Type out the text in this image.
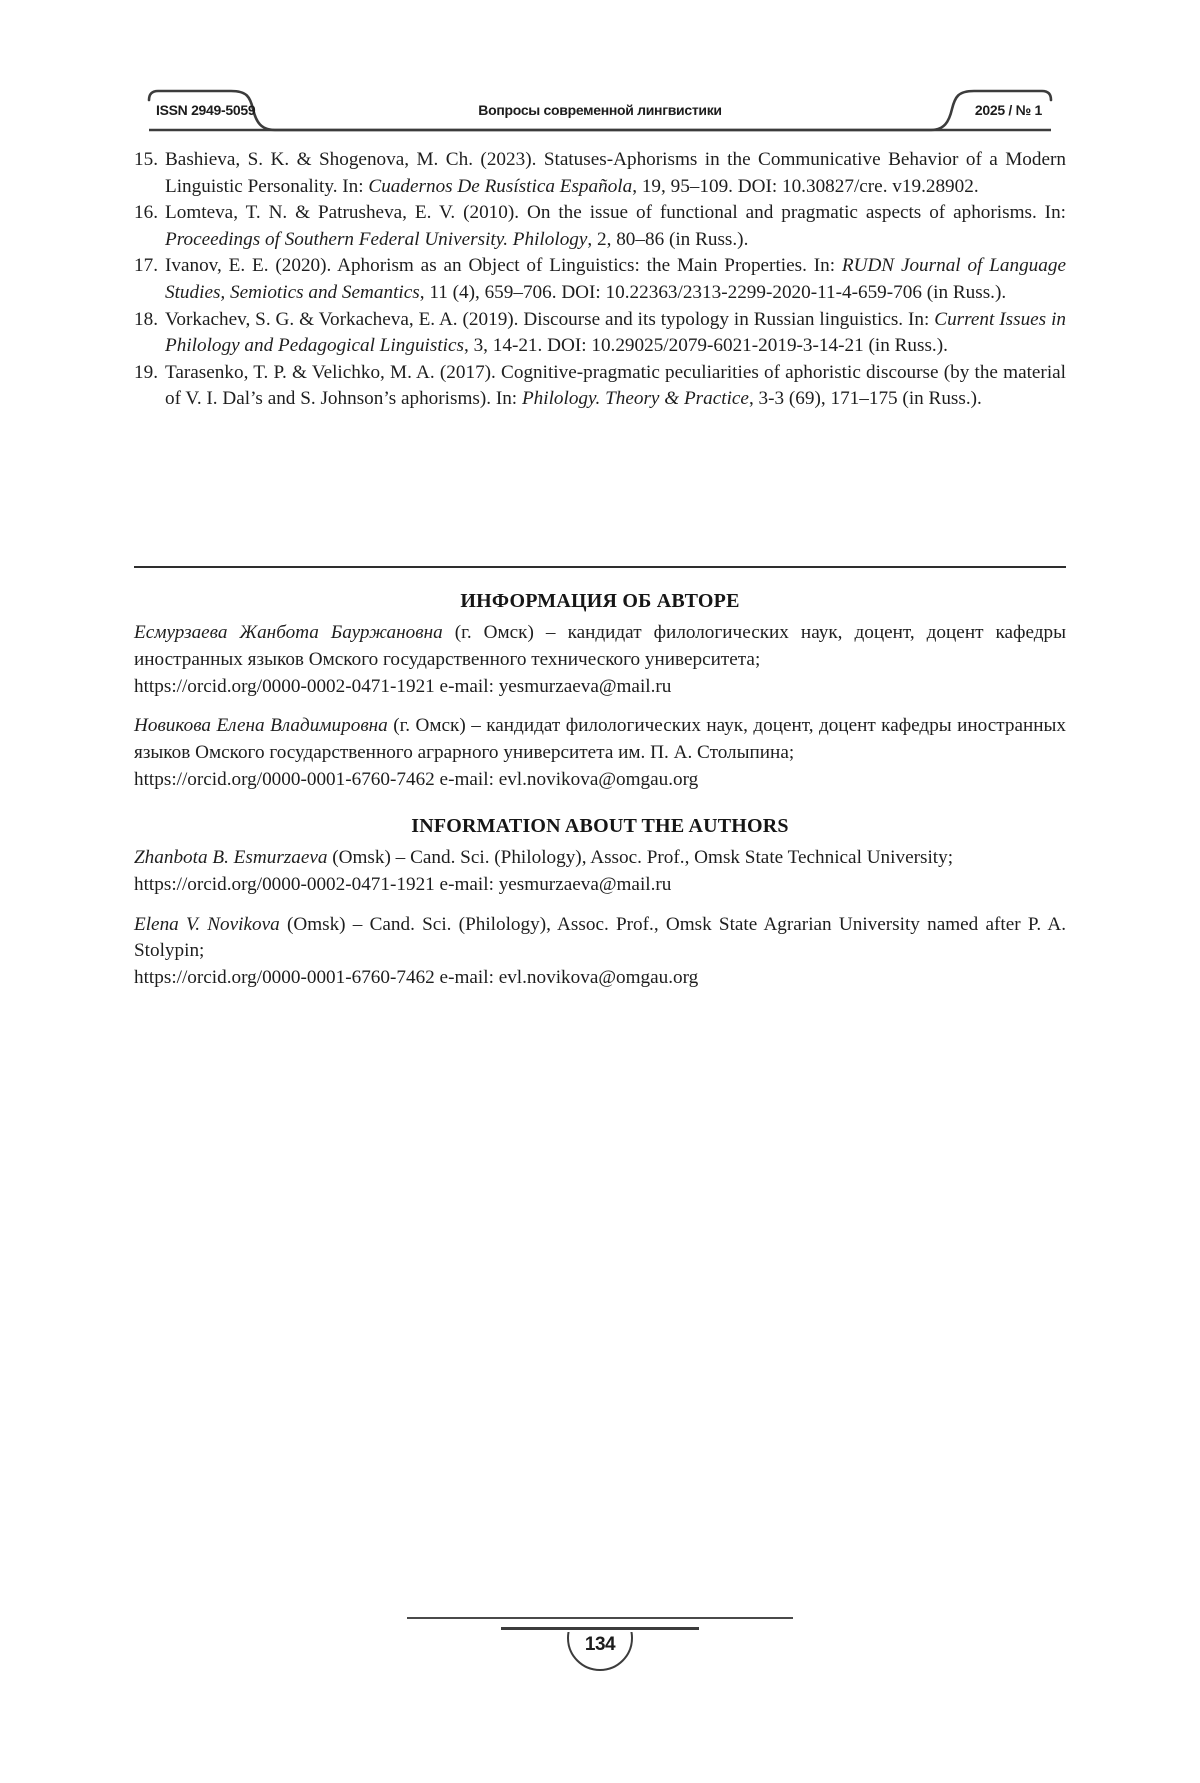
ISSN 2949-5059	Вопросы современной лингвистики	2025 / № 1
15. Bashieva, S. K. & Shogenova, M. Ch. (2023). Statuses-Aphorisms in the Communicative Behavior of a Modern Linguistic Personality. In: Cuadernos De Rusística Española, 19, 95–109. DOI: 10.30827/cre. v19.28902.
16. Lomteva, T. N. & Patrusheva, E. V. (2010). On the issue of functional and pragmatic aspects of aphorisms. In: Proceedings of Southern Federal University. Philology, 2, 80–86 (in Russ.).
17. Ivanov, E. E. (2020). Aphorism as an Object of Linguistics: the Main Properties. In: RUDN Journal of Language Studies, Semiotics and Semantics, 11 (4), 659–706. DOI: 10.22363/2313-2299-2020-11-4-659-706 (in Russ.).
18. Vorkachev, S. G. & Vorkacheva, E. A. (2019). Discourse and its typology in Russian linguistics. In: Current Issues in Philology and Pedagogical Linguistics, 3, 14-21. DOI: 10.29025/2079-6021-2019-3-14-21 (in Russ.).
19. Tarasenko, T. P. & Velichko, M. A. (2017). Cognitive-pragmatic peculiarities of aphoristic discourse (by the material of V. I. Dal’s and S. Johnson’s aphorisms). In: Philology. Theory & Practice, 3-3 (69), 171–175 (in Russ.).
ИНФОРМАЦИЯ ОБ АВТОРЕ

Есмурзаева Жанбота Бауржановна (г. Омск) – кандидат филологических наук, доцент, доцент кафедры иностранных языков Омского государственного технического университета;
https://orcid.org/0000-0002-0471-1921 e-mail: yesmurzaeva@mail.ru

Новикова Елена Владимировна (г. Омск) – кандидат филологических наук, доцент, доцент кафедры иностранных языков Омского государственного аграрного университета им. П. А. Столыпина;
https://orcid.org/0000-0001-6760-7462 e-mail: evl.novikova@omgau.org

INFORMATION ABOUT THE AUTHORS

Zhanbota B. Esmurzaeva (Omsk) – Cand. Sci. (Philology), Assoc. Prof., Omsk State Technical University;
https://orcid.org/0000-0002-0471-1921 e-mail: yesmurzaeva@mail.ru

Elena V. Novikova (Omsk) – Cand. Sci. (Philology), Assoc. Prof., Omsk State Agrarian University named after P. A. Stolypin;
https://orcid.org/0000-0001-6760-7462 e-mail: evl.novikova@omgau.org

134
